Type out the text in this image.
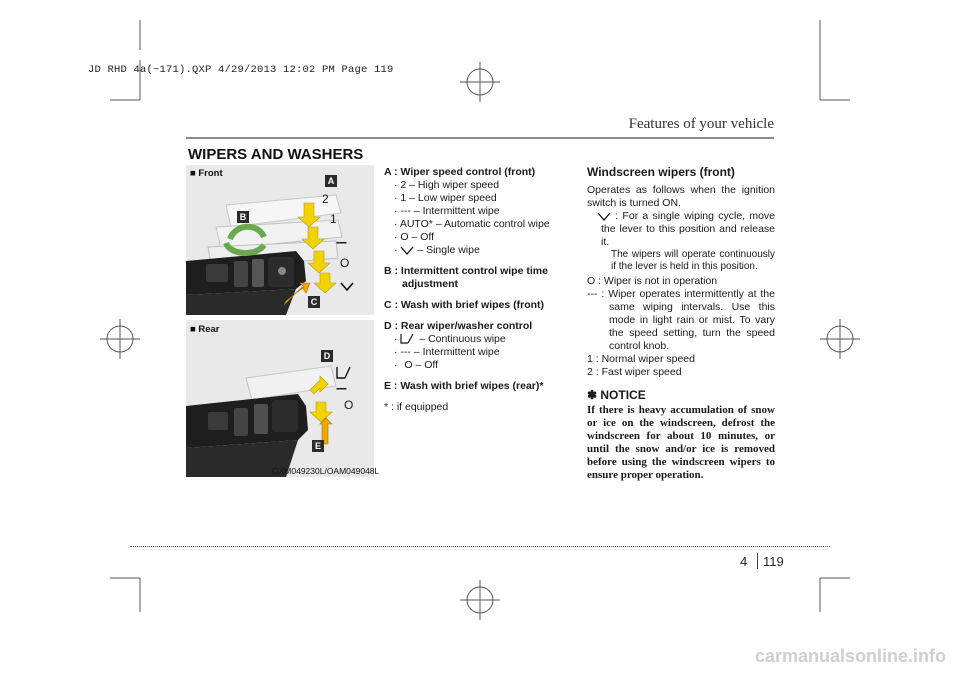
JD RHD 4a(~171).QXP 4/29/2013 12:02 PM Page 119
Features of your vehicle
WIPERS AND WASHERS
■ Front
2
1
---
O
A
B
C
■ Rear
---
O
D
E
OXM049230L/OAM049048L
A : Wiper speed control (front)
· 2 – High wiper speed
· 1 – Low wiper speed
· --- – Intermittent wipe
· AUTO* – Automatic control wipe
· O – Off
· – Single wipe
B : Intermittent control wipe time
adjustment
C : Wash with brief wipes (front)
D : Rear wiper/washer control
· – Continuous wipe
· --- – Intermittent wipe
· O – Off
E : Wash with brief wipes (rear)*
* : if equipped
Windscreen wipers (front)
Operates as follows when the ignition switch is turned ON.
: For a single wiping cycle, move the lever to this position and release it.
The wipers will operate continuously if the lever is held in this position.
O : Wiper is not in operation
--- : Wiper operates intermittently at the same wiping intervals. Use this mode in light rain or mist. To vary the speed setting, turn the speed control knob.
1 : Normal wiper speed
2 : Fast wiper speed
✽ NOTICE
If there is heavy accumulation of snow or ice on the windscreen, defrost the windscreen for about 10 minutes, or until the snow and/or ice is removed before using the windscreen wipers to ensure proper operation.
4 119
carmanualsonline.info
